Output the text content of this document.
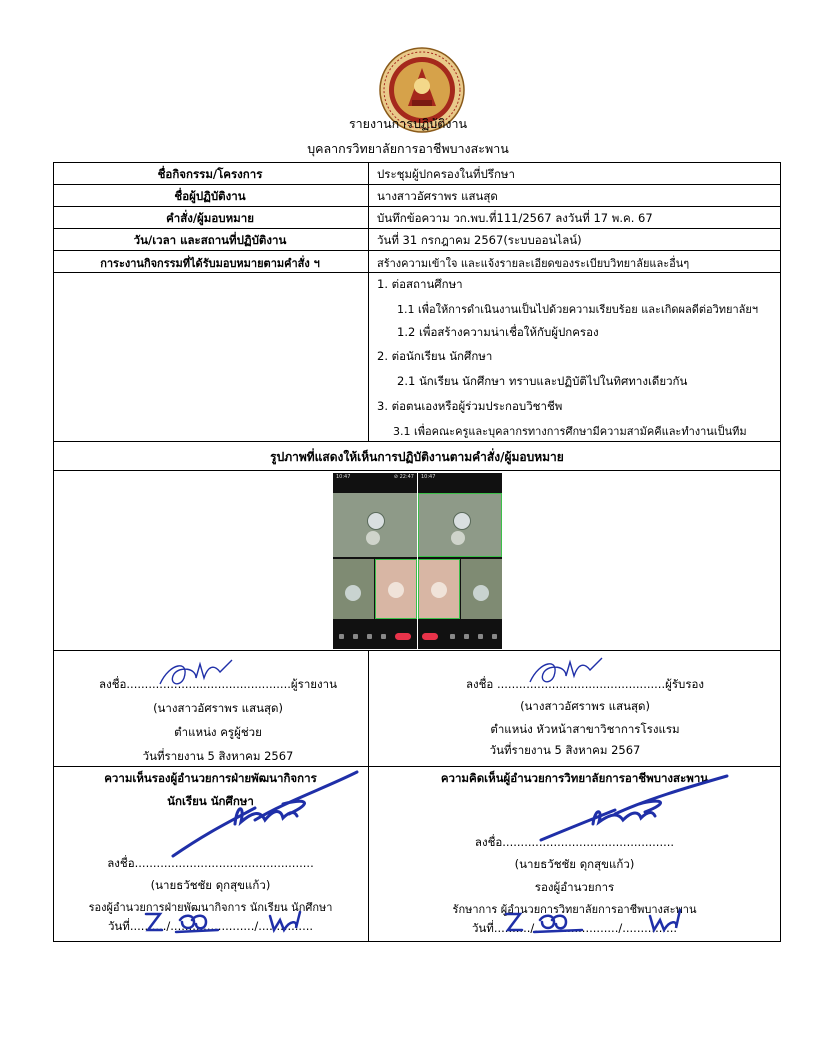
รายงานการปฏิบัติงาน
บุคลากรวิทยาลัยการอาชีพบางสะพาน
ชื่อกิจกรรม/โครงการ	ประชุมผู้ปกครองในที่ปรึกษา
ชื่อผู้ปฏิบัติงาน	นางสาวอัศราพร แสนสุด
คำสั่ง/ผู้มอบหมาย	บันทึกข้อความ วก.พบ.ที่111/2567 ลงวันที่ 17 พ.ค. 67
วัน/เวลา และสถานที่ปฏิบัติงาน	วันที่ 31 กรกฎาคม 2567(ระบบออนไลน์)
การะงานกิจกรรมที่ได้รับมอบหมายตามคำสั่ง ฯ	สร้างความเข้าใจ และแจ้งรายละเอียดของระเบียบวิทยาลัยและอื่นๆ
1. ต่อสถานศึกษา
1.1 เพื่อให้การดำเนินงานเป็นไปด้วยความเรียบร้อย และเกิดผลดีต่อวิทยาลัยฯ
1.2 เพื่อสร้างความน่าเชื่อให้กับผู้ปกครอง
2. ต่อนักเรียน นักศึกษา
2.1 นักเรียน นักศึกษา ทราบและปฏิบัติไปในทิศทางเดียวกัน
3. ต่อตนเองหรือผู้ร่วมประกอบวิชาชีพ
3.1 เพื่อคณะครูและบุคลากรทางการศึกษามีความสามัคคีและทำงานเป็นทีม
รูปภาพที่แสดงให้เห็นการปฏิบัติงานตามคำสั่ง/ผู้มอบหมาย
10:47	⊘ 22:47 10:47
ลงชื่อ.............................................ผู้รายงาน
(นางสาวอัศราพร แสนสุด)
ตำแหน่ง ครูผู้ช่วย
วันที่รายงาน 5 สิงหาคม 2567
ลงชื่อ ..............................................ผู้รับรอง
(นางสาวอัศราพร แสนสุด)
ตำแหน่ง หัวหน้าสาขาวิชาการโรงแรม
วันที่รายงาน 5 สิงหาคม 2567
ความเห็นรองผู้อำนวยการฝ่ายพัฒนากิจการ
นักเรียน นักศึกษา
ลงชื่อ.................................................
(นายธวัชชัย ดุกสุขแก้ว)
รองผู้อำนวยการฝ่ายพัฒนากิจการ นักเรียน นักศึกษา
วันที่........../......................./...............
ความคิดเห็นผู้อำนวยการวิทยาลัยการอาชีพบางสะพาน
ลงชื่อ...............................................
(นายธวัชชัย ดุกสุขแก้ว)
รองผู้อำนวยการ
รักษาการ ผู้อำนวยการวิทยาลัยการอาชีพบางสะพาน
วันที่........../......................./...............
